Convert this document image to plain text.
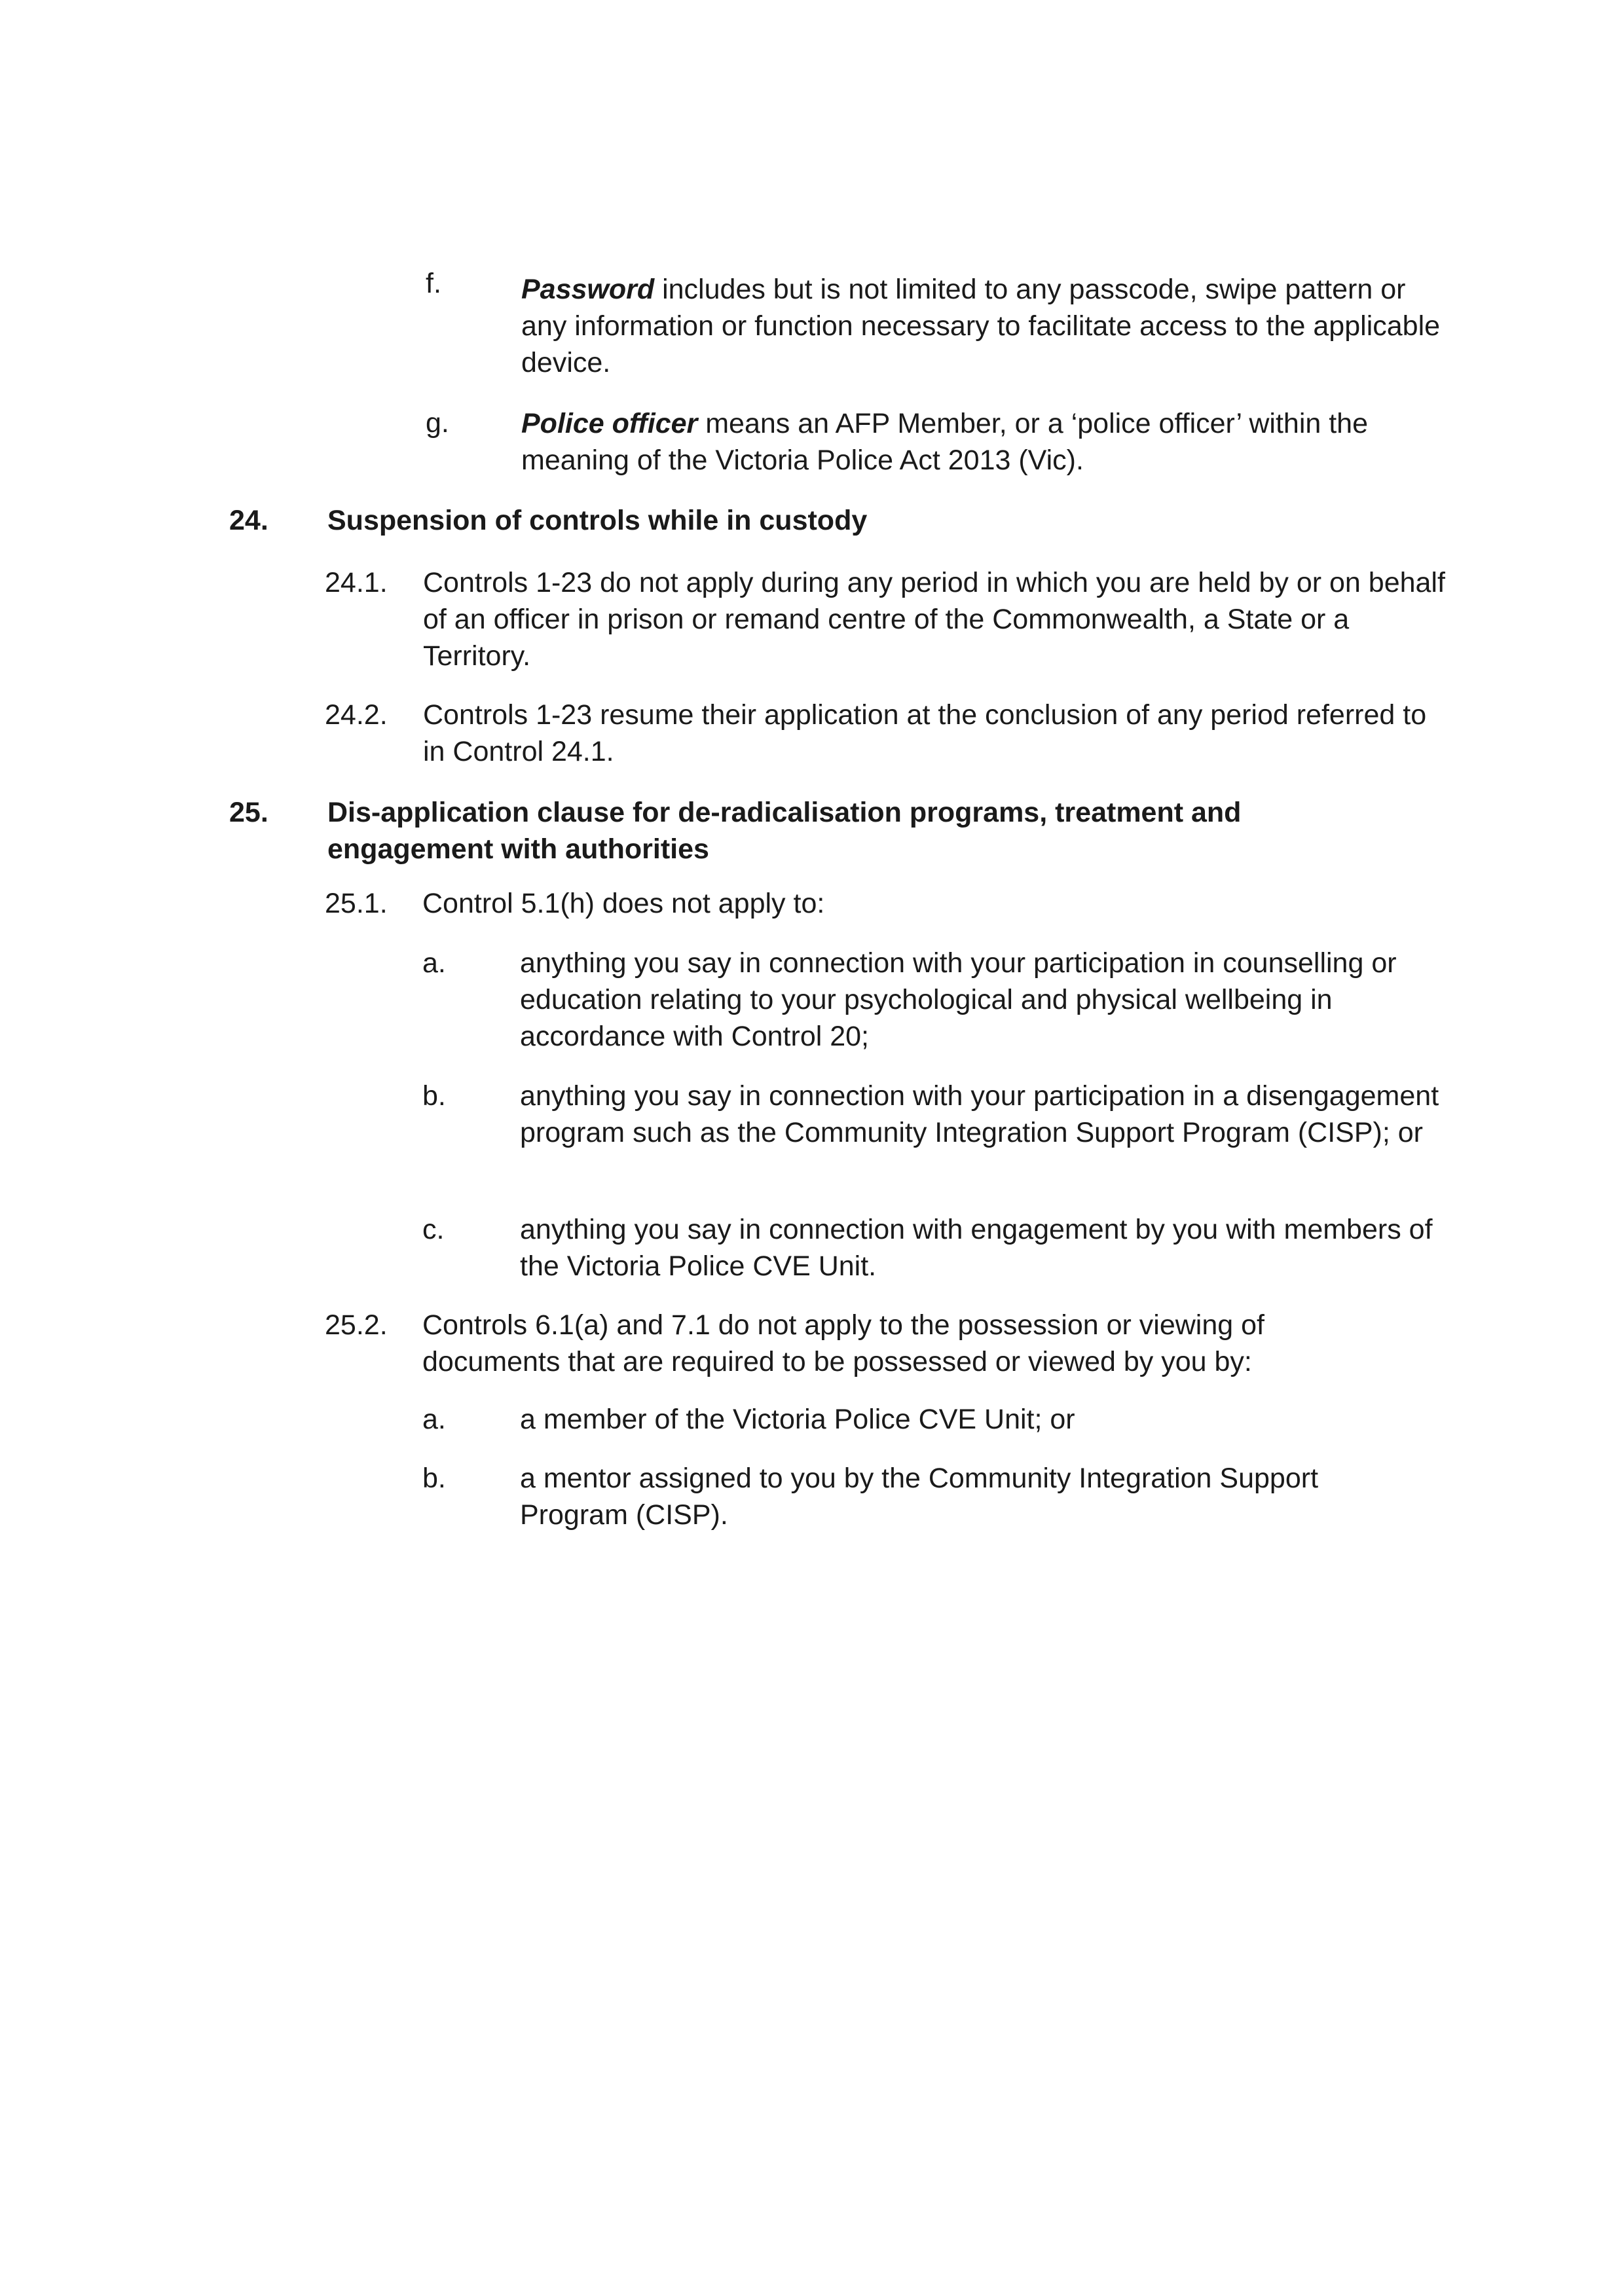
f.	Password includes but is not limited to any passcode, swipe pattern or any information or function necessary to facilitate access to the applicable device.

g.	Police officer means an AFP Member, or a ‘police officer’ within the meaning of the Victoria Police Act 2013 (Vic).

24. Suspension of controls while in custody
24.1. Controls 1-23 do not apply during any period in which you are held by or on behalf of an officer in prison or remand centre of the Commonwealth, a State or a Territory.

24.2. Controls 1-23 resume their application at the conclusion of any period referred to in Control 24.1.

25. Dis-application clause for de-radicalisation programs, treatment and engagement with authorities
25.1. Control 5.1(h) does not apply to:

a.	anything you say in connection with your participation in counselling or education relating to your psychological and physical wellbeing in accordance with Control 20;

b.	anything you say in connection with your participation in a disengagement program such as the Community Integration Support Program (CISP); or

c.	anything you say in connection with engagement by you with members of the Victoria Police CVE Unit.

25.2. Controls 6.1(a) and 7.1 do not apply to the possession or viewing of documents that are required to be possessed or viewed by you by:

a.	a member of the Victoria Police CVE Unit; or

b.	a mentor assigned to you by the Community Integration Support Program (CISP).
